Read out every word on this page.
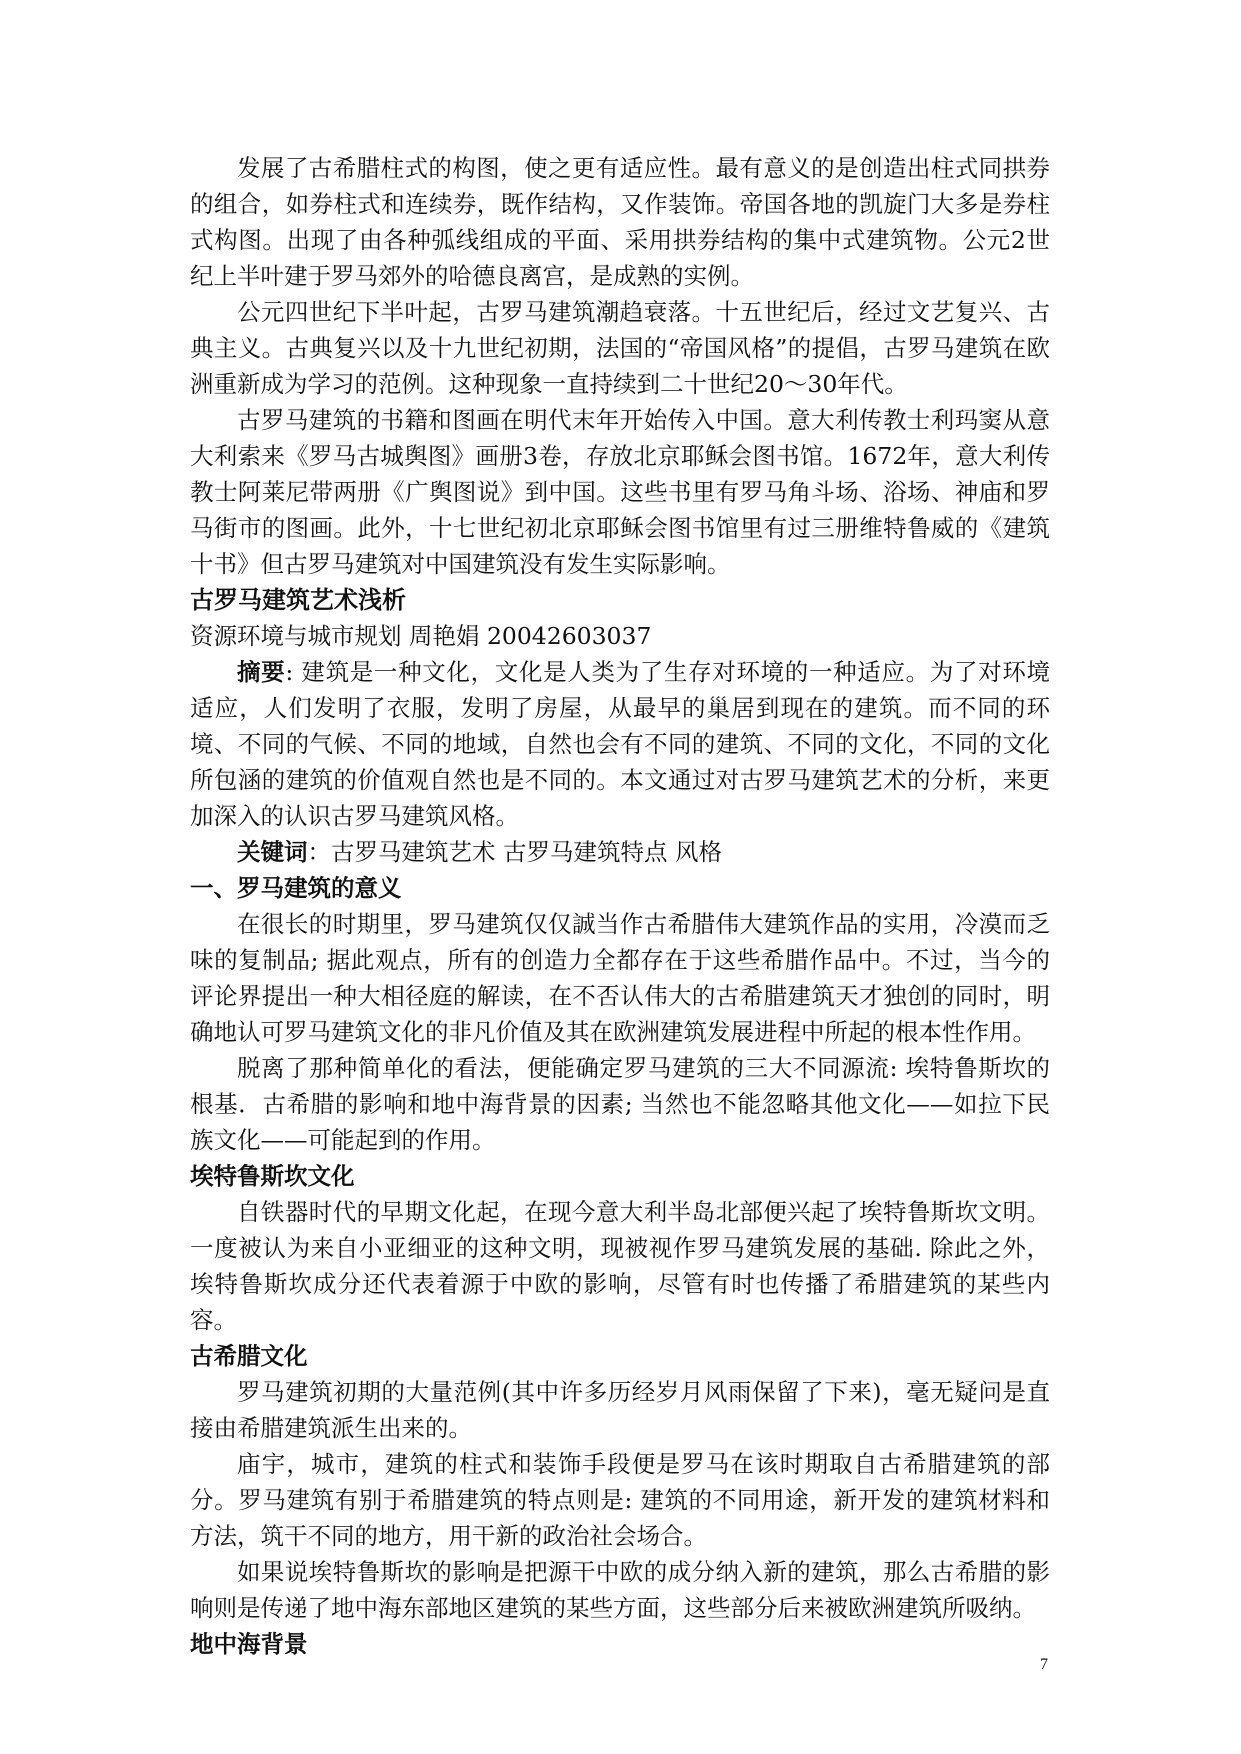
发展了古希腊柱式的构图，使之更有适应性。最有意义的是创造出柱式同拱券的组合，如券柱式和连续券，既作结构，又作装饰。帝国各地的凯旋门大多是券柱式构图。出现了由各种弧线组成的平面、采用拱券结构的集中式建筑物。公元2世纪上半叶建于罗马郊外的哈德良离宫，是成熟的实例。

公元四世纪下半叶起，古罗马建筑潮趋衰落。十五世纪后，经过文艺复兴、古典主义。古典复兴以及十九世纪初期，法国的“帝国风格”的提倡，古罗马建筑在欧洲重新成为学习的范例。这种现象一直持续到二十世纪20～30年代。

古罗马建筑的书籍和图画在明代末年开始传入中国。意大利传教士利玛窦从意大利索来《罗马古城舆图》画册3卷，存放北京耶稣会图书馆。1672年，意大利传教士阿莱尼带两册《广舆图说》到中国。这些书里有罗马角斗场、浴场、神庙和罗马街市的图画。此外，十七世纪初北京耶稣会图书馆里有过三册维特鲁威的《建筑十书》但古罗马建筑对中国建筑没有发生实际影响。

古罗马建筑艺术浅析

资源环境与城市规划 周艳娟 20042603037

摘要: 建筑是一种文化，文化是人类为了生存对环境的一种适应。为了对环境适应，人们发明了衣服，发明了房屋，从最早的巢居到现在的建筑。而不同的环境、不同的气候、不同的地域，自然也会有不同的建筑、不同的文化，不同的文化所包涵的建筑的价值观自然也是不同的。本文通过对古罗马建筑艺术的分析，来更加深入的认识古罗马建筑风格。

关键词：古罗马建筑艺术 古罗马建筑特点 风格

一、罗马建筑的意义

在很长的时期里，罗马建筑仅仅誠当作古希腊伟大建筑作品的实用，冷漠而乏味的复制品; 据此观点，所有的创造力全都存在于这些希腊作品中。不过，当今的评论界提出一种大相径庭的解读，在不否认伟大的古希腊建筑天才独创的同时，明确地认可罗马建筑文化的非凡价值及其在欧洲建筑发展进程中所起的根本性作用。

脱离了那种简单化的看法，便能确定罗马建筑的三大不同源流: 埃特鲁斯坎的根基．古希腊的影响和地中海背景的因素; 当然也不能忽略其他文化——如拉下民族文化——可能起到的作用。

埃特鲁斯坎文化

自铁器时代的早期文化起，在现今意大利半岛北部便兴起了埃特鲁斯坎文明。一度被认为来自小亚细亚的这种文明，现被视作罗马建筑发展的基础. 除此之外，埃特鲁斯坎成分还代表着源于中欧的影响，尽管有时也传播了希腊建筑的某些内容。

古希腊文化

罗马建筑初期的大量范例(其中许多历经岁月风雨保留了下来)，毫无疑问是直接由希腊建筑派生出来的。

庙宇，城市，建筑的柱式和装饰手段便是罗马在该时期取自古希腊建筑的部分。罗马建筑有别于希腊建筑的特点则是: 建筑的不同用途，新开发的建筑材料和方法，筑干不同的地方，用干新的政治社会场合。

如果说埃特鲁斯坎的影响是把源干中欧的成分纳入新的建筑，那么古希腊的影响则是传递了地中海东部地区建筑的某些方面，这些部分后来被欧洲建筑所吸纳。

地中海背景

7
